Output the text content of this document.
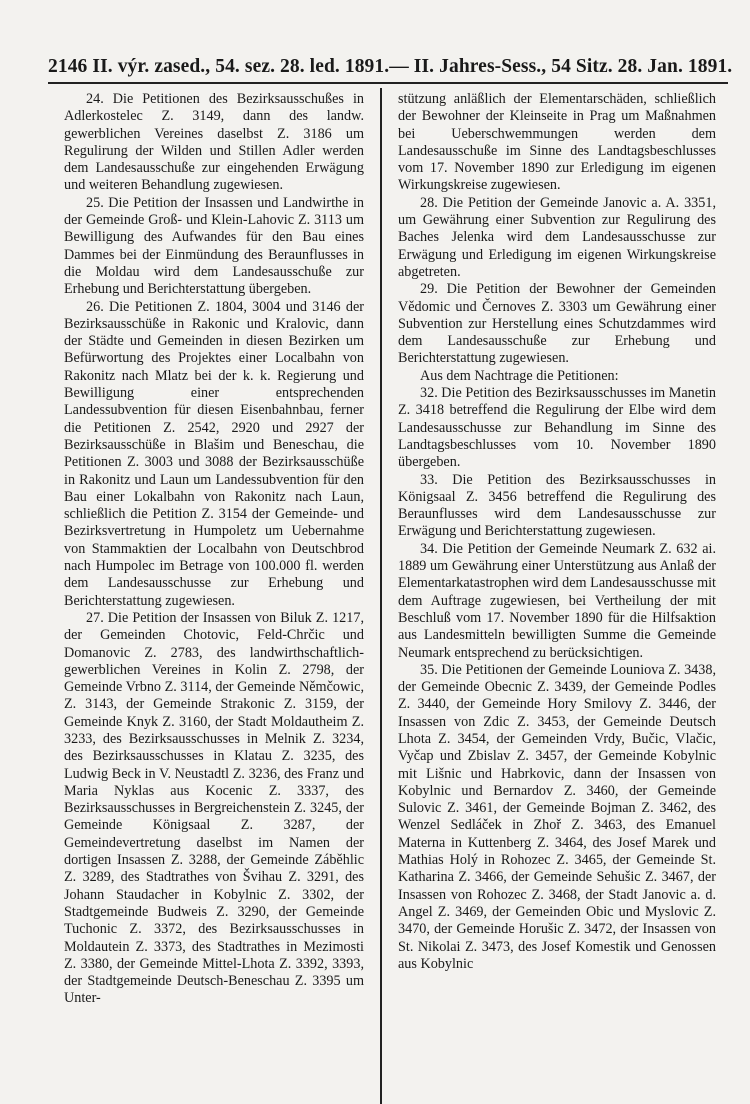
2146 II. výr. zased., 54. sez. 28. led. 1891. — II. Jahres-Sess., 54 Sitz. 28. Jan. 1891.

24. Die Petitionen des Bezirksausschußes in Adlerkostelec Z. 3149, dann des landw. gewerblichen Vereines daselbst Z. 3186 um Regulirung der Wilden und Stillen Adler werden dem Landesausschuße zur eingehenden Erwägung und weiteren Behandlung zugewiesen.

25. Die Petition der Insassen und Landwirthe in der Gemeinde Groß- und Klein-Lahovic Z. 3113 um Bewilligung des Aufwandes für den Bau eines Dammes bei der Einmündung des Beraunflusses in die Moldau wird dem Landesausschuße zur Erhebung und Berichterstattung übergeben.

26. Die Petitionen Z. 1804, 3004 und 3146 der Bezirksausschüße in Rakonic und Kralovic, dann der Städte und Gemeinden in diesen Bezirken um Befürwortung des Projektes einer Localbahn von Rakonitz nach Mlatz bei der k. k. Regierung und Bewilligung einer entsprechenden Landessubvention für diesen Eisenbahnbau, ferner die Petitionen Z. 2542, 2920 und 2927 der Bezirksausschüße in Blašim und Beneschau, die Petitionen Z. 3003 und 3088 der Bezirksausschüße in Rakonitz und Laun um Landessubvention für den Bau einer Lokalbahn von Rakonitz nach Laun, schließlich die Petition Z. 3154 der Gemeinde- und Bezirksvertretung in Humpoletz um Uebernahme von Stammaktien der Localbahn von Deutschbrod nach Humpolec im Betrage von 100.000 fl. werden dem Landesausschusse zur Erhebung und Berichterstattung zugewiesen.

27. Die Petition der Insassen von Biluk Z. 1217, der Gemeinden Chotovic, Feld-Chrčic und Domanovic Z. 2783, des landwirthschaftlich-gewerblichen Vereines in Kolin Z. 2798, der Gemeinde Vrbno Z. 3114, der Gemeinde Němčowic, Z. 3143, der Gemeinde Strakonic Z. 3159, der Gemeinde Knyk Z. 3160, der Stadt Moldautheim Z. 3233, des Bezirksausschusses in Melnik Z. 3234, des Bezirksausschusses in Klatau Z. 3235, des Ludwig Beck in V. Neustadtl Z. 3236, des Franz und Maria Nyklas aus Kocenic Z. 3337, des Bezirksausschusses in Bergreichenstein Z. 3245, der Gemeinde Königsaal Z. 3287, der Gemeindevertretung daselbst im Namen der dortigen Insassen Z. 3288, der Gemeinde Záběhlic Z. 3289, des Stadtrathes von Švihau Z. 3291, des Johann Staudacher in Kobylnic Z. 3302, der Stadtgemeinde Budweis Z. 3290, der Gemeinde Tuchonic Z. 3372, des Bezirksausschusses in Moldautein Z. 3373, des Stadtrathes in Mezimosti Z. 3380, der Gemeinde Mittel-Lhota Z. 3392, 3393, der Stadtgemeinde Deutsch-Beneschau Z. 3395 um Unter-

stützung anläßlich der Elementarschäden, schließlich der Bewohner der Kleinseite in Prag um Maßnahmen bei Ueberschwemmungen werden dem Landesausschuße im Sinne des Landtagsbeschlusses vom 17. November 1890 zur Erledigung im eigenen Wirkungskreise zugewiesen.

28. Die Petition der Gemeinde Janovic a. A. 3351, um Gewährung einer Subvention zur Regulirung des Baches Jelenka wird dem Landesausschusse zur Erwägung und Erledigung im eigenen Wirkungskreise abgetreten.

29. Die Petition der Bewohner der Gemeinden Vědomic und Černoves Z. 3303 um Gewährung einer Subvention zur Herstellung eines Schutzdammes wird dem Landesausschuße zur Erhebung und Berichterstattung zugewiesen.

Aus dem Nachtrage die Petitionen:

32. Die Petition des Bezirksausschusses im Manetin Z. 3418 betreffend die Regulirung der Elbe wird dem Landesausschusse zur Behandlung im Sinne des Landtagsbeschlusses vom 10. November 1890 übergeben.

33. Die Petition des Bezirksausschusses in Königsaal Z. 3456 betreffend die Regulirung des Beraunflusses wird dem Landesausschusse zur Erwägung und Berichterstattung zugewiesen.

34. Die Petition der Gemeinde Neumark Z. 632 ai. 1889 um Gewährung einer Unterstützung aus Anlaß der Elementarkatastrophen wird dem Landesausschusse mit dem Auftrage zugewiesen, bei Vertheilung der mit Beschluß vom 17. November 1890 für die Hilfsaktion aus Landesmitteln bewilligten Summe die Gemeinde Neumark entsprechend zu berücksichtigen.

35. Die Petitionen der Gemeinde Louniova Z. 3438, der Gemeinde Obecnic Z. 3439, der Gemeinde Podles Z. 3440, der Gemeinde Hory Smilovy Z. 3446, der Insassen von Zdic Z. 3453, der Gemeinde Deutsch Lhota Z. 3454, der Gemeinden Vrdy, Bučic, Vlačic, Vyčap und Zbislav Z. 3457, der Gemeinde Kobylnic mit Lišnic und Habrkovic, dann der Insassen von Kobylnic und Bernardov Z. 3460, der Gemeinde Sulovic Z. 3461, der Gemeinde Bojman Z. 3462, des Wenzel Sedláček in Zhoř Z. 3463, des Emanuel Materna in Kuttenberg Z. 3464, des Josef Marek und Mathias Holý in Rohozec Z. 3465, der Gemeinde St. Katharina Z. 3466, der Gemeinde Sehušic Z. 3467, der Insassen von Rohozec Z. 3468, der Stadt Janovic a. d. Angel Z. 3469, der Gemeinden Obic und Myslovic Z. 3470, der Gemeinde Horušic Z. 3472, der Insassen von St. Nikolai Z. 3473, des Josef Komestik und Genossen aus Kobylnic
